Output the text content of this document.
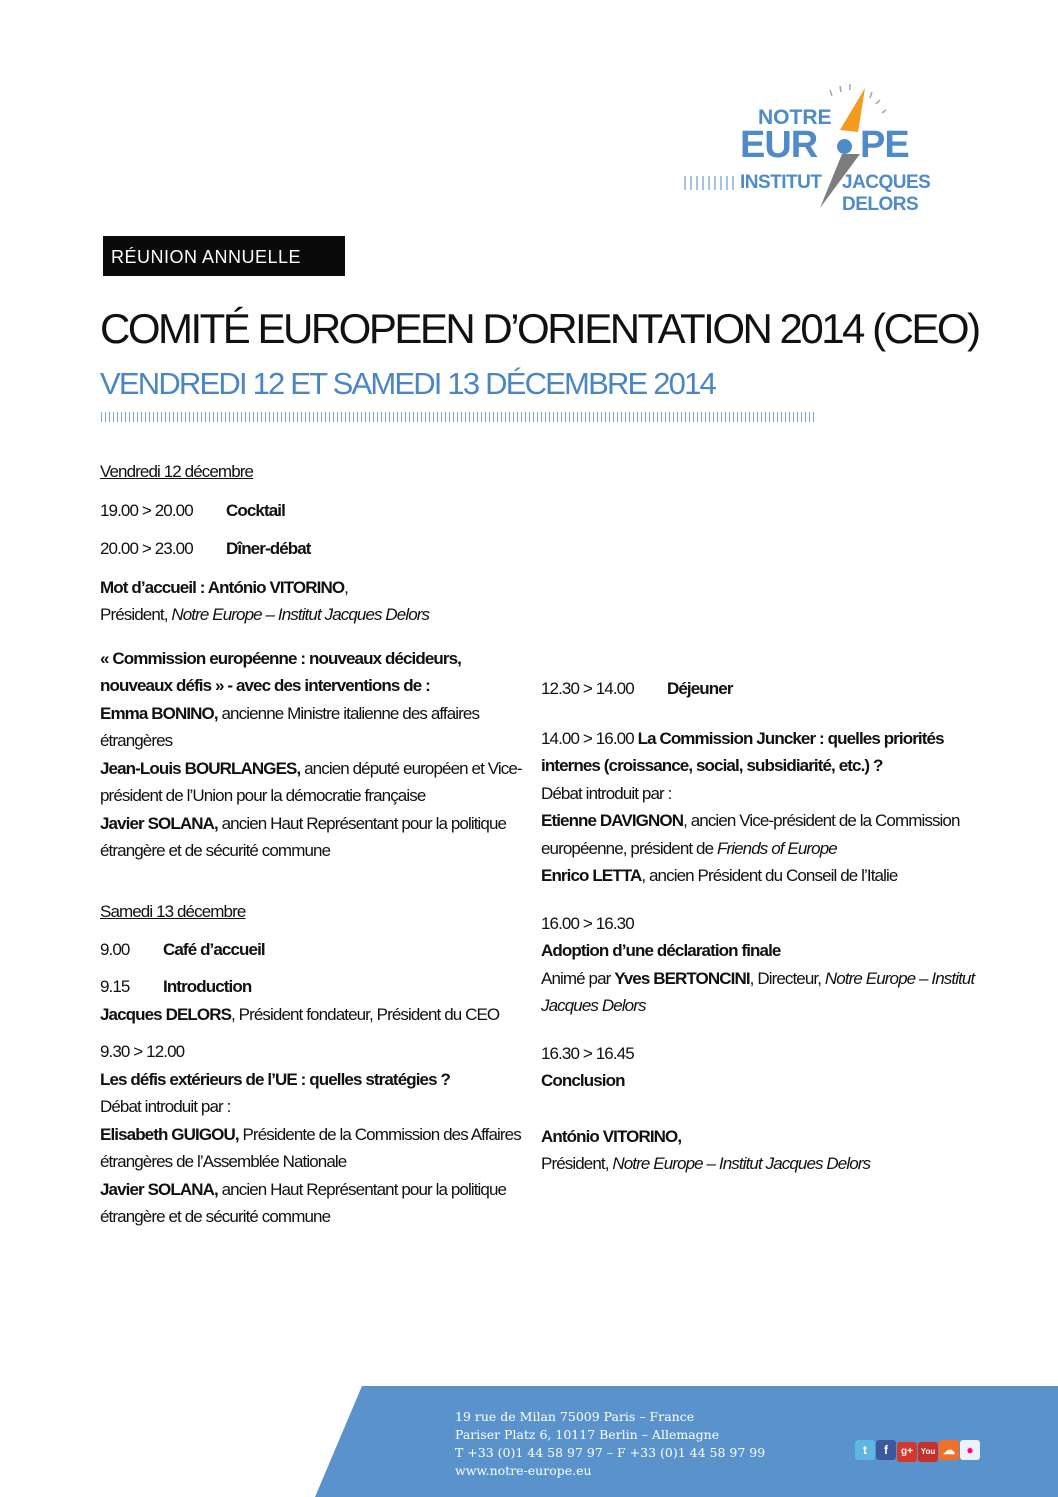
NOTRE
EUR PE
INSTITUT JACQUES DELORS
RÉUNION ANNUELLE 2014
COMITÉ EUROPEEN D’ORIENTATION 2014 (CEO)
VENDREDI 12 ET SAMEDI 13 DÉCEMBRE 2014
Vendredi 12 décembre
19.00 > 20.00 Cocktail
20.00 > 23.00 Dîner-débat
Mot d’accueil : António VITORINO,
Président, Notre Europe – Institut Jacques Delors
« Commission européenne : nouveaux décideurs,
nouveaux défis » - avec des interventions de :
Emma BONINO, ancienne Ministre italienne des affaires
étrangères
Jean-Louis BOURLANGES, ancien député européen et Vice-
président de l’Union pour la démocratie française
Javier SOLANA, ancien Haut Représentant pour la politique
étrangère et de sécurité commune
Samedi 13 décembre
9.00 Café d’accueil
9.15 Introduction
Jacques DELORS, Président fondateur, Président du CEO
9.30 > 12.00
Les défis extérieurs de l’UE : quelles stratégies ?
Débat introduit par :
Elisabeth GUIGOU, Présidente de la Commission des Affaires
étrangères de l’Assemblée Nationale
Javier SOLANA, ancien Haut Représentant pour la politique
étrangère et de sécurité commune
12.30 > 14.00 Déjeuner
14.00 > 16.00 La Commission Juncker : quelles priorités
internes (croissance, social, subsidiarité, etc.) ?
Débat introduit par :
Etienne DAVIGNON, ancien Vice-président de la Commission
européenne, président de Friends of Europe
Enrico LETTA, ancien Président du Conseil de l’Italie
16.00 > 16.30
Adoption d’une déclaration finale
Animé par Yves BERTONCINI, Directeur, Notre Europe – Institut
Jacques Delors
16.30 > 16.45
Conclusion
António VITORINO,
Président, Notre Europe – Institut Jacques Delors
19 rue de Milan 75009 Paris – France
Pariser Platz 6, 10117 Berlin – Allemagne
T +33 (0)1 44 58 97 97 – F +33 (0)1 44 58 97 99
www.notre-europe.eu
t f g+ You ☁ ●
